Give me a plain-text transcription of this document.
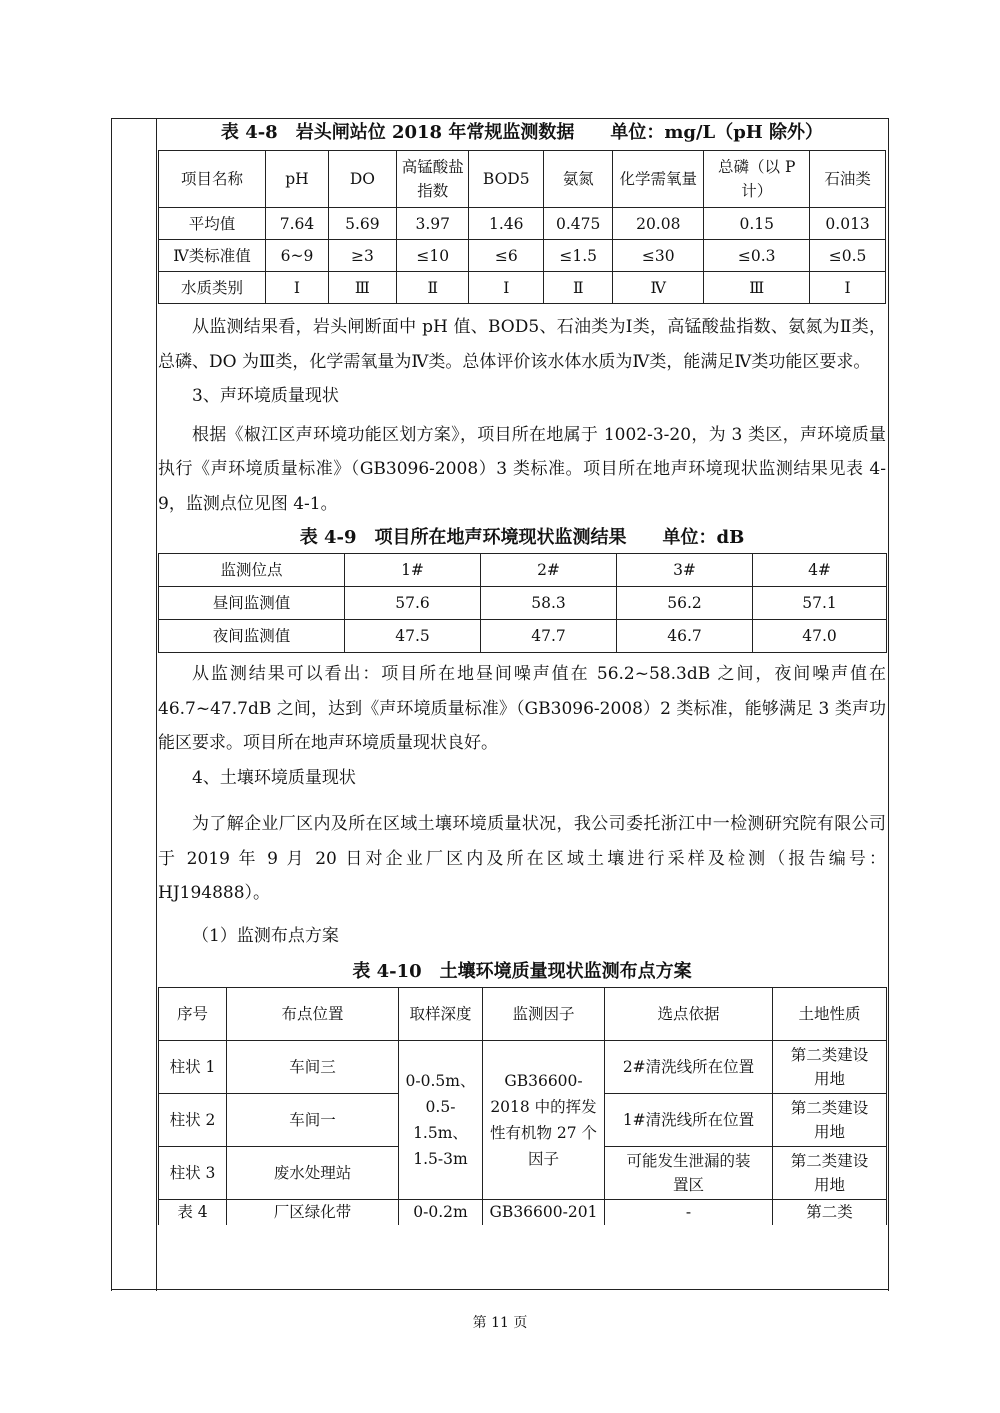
表 4-8　岩头闸站位 2018 年常规监测数据　　单位：mg/L（pH 除外）
项目名称	pH	DO	高锰酸盐指数	BOD5	氨氮	化学需氧量	总磷（以 P 计）	石油类
平均值	7.64	5.69	3.97	1.46	0.475	20.08	0.15	0.013
Ⅳ类标准值	6~9	≥3	≤10	≤6	≤1.5	≤30	≤0.3	≤0.5
水质类别	Ⅰ	Ⅲ	Ⅱ	Ⅰ	Ⅱ	Ⅳ	Ⅲ	Ⅰ

从监测结果看，岩头闸断面中 pH 值、BOD5、石油类为Ⅰ类，高锰酸盐指数、氨氮为Ⅱ类，总磷、DO 为Ⅲ类，化学需氧量为Ⅳ类。总体评价该水体水质为Ⅳ类，能满足Ⅳ类功能区要求。

3、声环境质量现状

根据《椒江区声环境功能区划方案》，项目所在地属于 1002-3-20，为 3 类区，声环境质量执行《声环境质量标准》（GB3096-2008）3 类标准。项目所在地声环境现状监测结果见表 4-9，监测点位见图 4-1。

表 4-9　项目所在地声环境现状监测结果　　单位：dB
监测位点	1#	2#	3#	4#
昼间监测值	57.6	58.3	56.2	57.1
夜间监测值	47.5	47.7	46.7	47.0

从监测结果可以看出：项目所在地昼间噪声值在 56.2~58.3dB 之间，夜间噪声值在 46.7~47.7dB 之间，达到《声环境质量标准》（GB3096-2008）2 类标准，能够满足 3 类声功能区要求。项目所在地声环境质量现状良好。

4、土壤环境质量现状

为了解企业厂区内及所在区域土壤环境质量状况，我公司委托浙江中一检测研究院有限公司于 2019 年 9 月 20 日对企业厂区内及所在区域土壤进行采样及检测（报告编号：HJ194888）。

（1）监测布点方案

表 4-10　土壤环境质量现状监测布点方案
序号	布点位置	取样深度	监测因子	选点依据	土地性质
柱状 1	车间三	0-0.5m、0.5-1.5m、1.5-3m	GB36600-2018 中的挥发性有机物 27 个因子	2#清洗线所在位置	第二类建设用地
柱状 2	车间一			1#清洗线所在位置	第二类建设用地
柱状 3	废水处理站			可能发生泄漏的装置区	第二类建设用地
表 4	厂区绿化带	0-0.2m	GB36600-201	-	第二类
第 11 页
